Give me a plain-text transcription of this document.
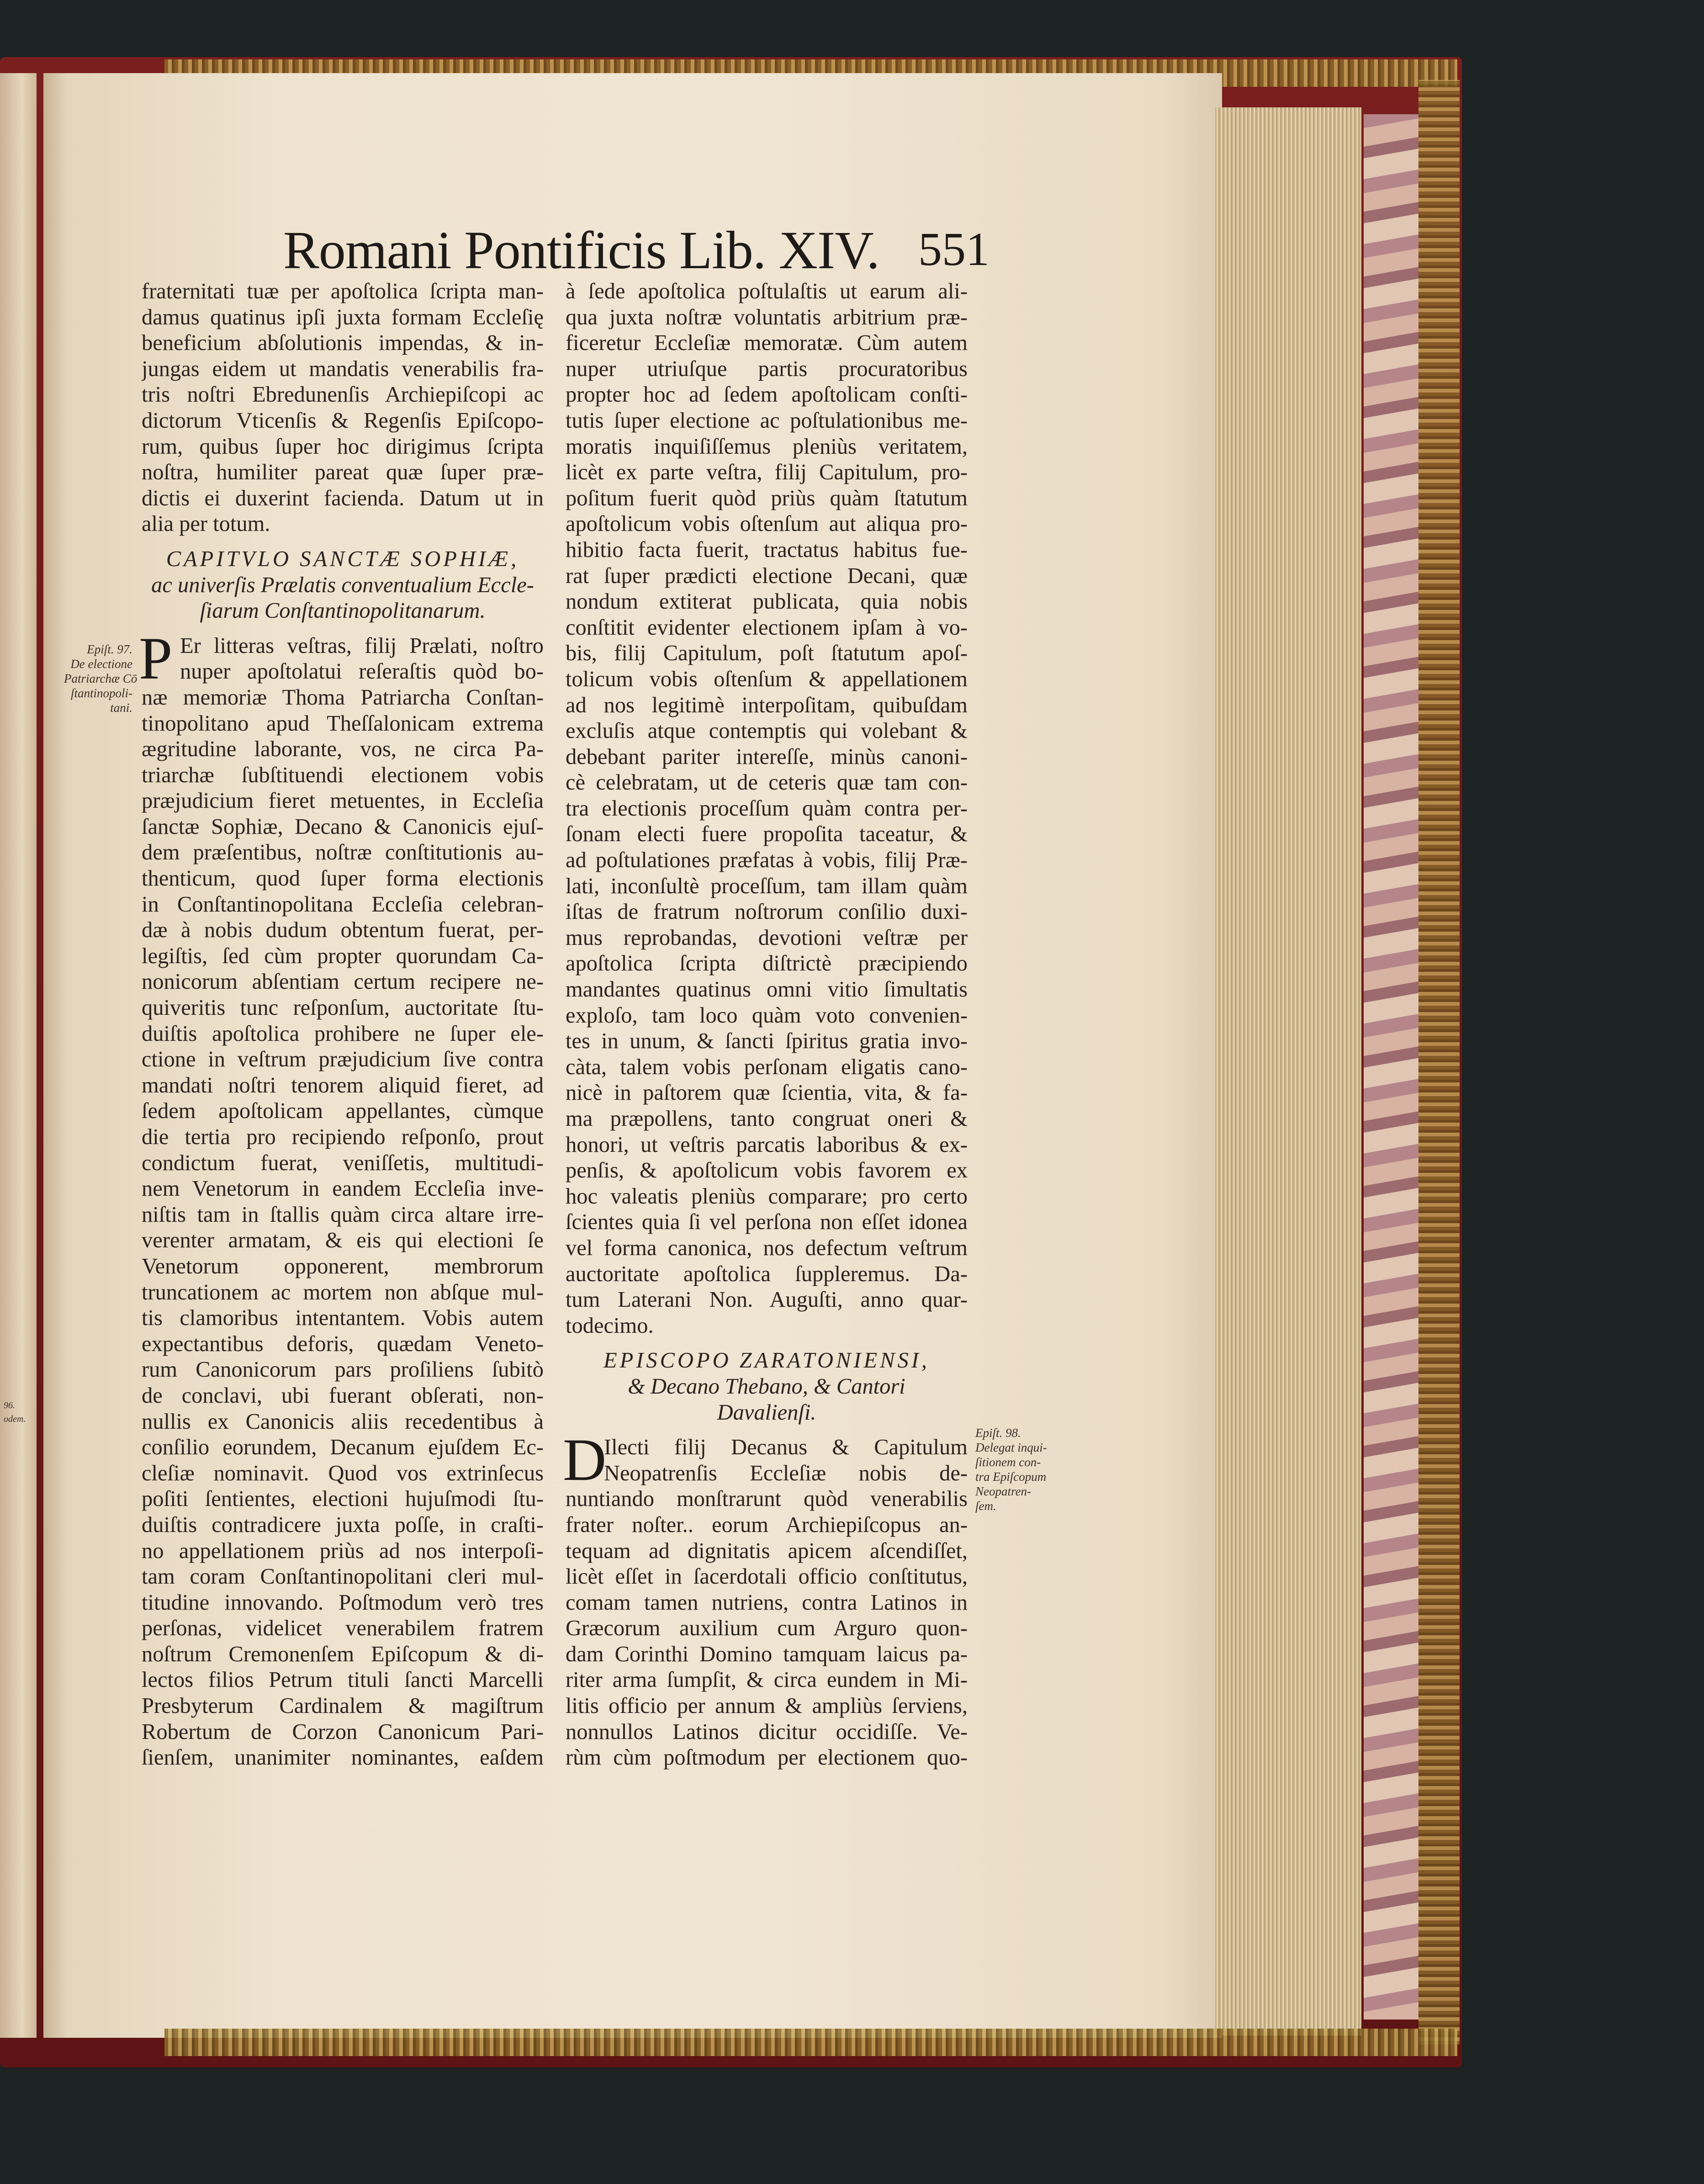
96.
odem.
Romani Pontificis Lib. XIV. 551
fraternitati tuæ per apoſtolica ſcripta man-
damus quatinus ipſi juxta formam Eccleſię
beneficium abſolutionis impendas, & in-
jungas eidem ut mandatis venerabilis fra-
tris noſtri Ebredunenſis Archiepiſcopi ac
dictorum Vticenſis & Regenſis Epiſcopo-
rum, quibus ſuper hoc dirigimus ſcripta
noſtra, humiliter pareat quæ ſuper præ-
dictis ei duxerint facienda. Datum ut in
alia per totum.
CAPITVLO SANCTÆ SOPHIÆ,
ac univerſis Prælatis conventualium Eccle-
ſiarum Conſtantinopolitanarum.
P Er litteras veſtras, filij Prælati, noſtro
nuper apoſtolatui reſeraſtis quòd bo-
næ memoriæ Thoma Patriarcha Conſtan-
tinopolitano apud Theſſalonicam extrema
ægritudine laborante, vos, ne circa Pa-
triarchæ ſubſtituendi electionem vobis
præjudicium fieret metuentes, in Eccleſia
ſanctæ Sophiæ, Decano & Canonicis ejuſ-
dem præſentibus, noſtræ conſtitutionis au-
thenticum, quod ſuper forma electionis
in Conſtantinopolitana Eccleſia celebran-
dæ à nobis dudum obtentum fuerat, per-
legiſtis, ſed cùm propter quorundam Ca-
nonicorum abſentiam certum recipere ne-
quiveritis tunc reſponſum, auctoritate ſtu-
duiſtis apoſtolica prohibere ne ſuper ele-
ctione in veſtrum præjudicium ſive contra
mandati noſtri tenorem aliquid fieret, ad
ſedem apoſtolicam appellantes, cùmque
die tertia pro recipiendo reſponſo, prout
condictum fuerat, veniſſetis, multitudi-
nem Venetorum in eandem Eccleſia inve-
niſtis tam in ſtallis quàm circa altare irre-
verenter armatam, & eis qui electioni ſe
Venetorum opponerent, membrorum
truncationem ac mortem non abſque mul-
tis clamoribus intentantem. Vobis autem
expectantibus deforis, quædam Veneto-
rum Canonicorum pars proſiliens ſubitò
de conclavi, ubi fuerant obſerati, non-
nullis ex Canonicis aliis recedentibus à
conſilio eorundem, Decanum ejuſdem Ec-
cleſiæ nominavit. Quod vos extrinſecus
poſiti ſentientes, electioni hujuſmodi ſtu-
duiſtis contradicere juxta poſſe, in craſti-
no appellationem priùs ad nos interpoſi-
tam coram Conſtantinopolitani cleri mul-
titudine innovando. Poſtmodum verò tres
perſonas, videlicet venerabilem fratrem
noſtrum Cremonenſem Epiſcopum & di-
lectos filios Petrum tituli ſancti Marcelli
Presbyterum Cardinalem & magiſtrum
Robertum de Corzon Canonicum Pari-
ſienſem, unanimiter nominantes, eaſdem
à ſede apoſtolica poſtulaſtis ut earum ali-
qua juxta noſtræ voluntatis arbitrium præ-
ficeretur Eccleſiæ memoratæ. Cùm autem
nuper utriuſque partis procuratoribus
propter hoc ad ſedem apoſtolicam conſti-
tutis ſuper electione ac poſtulationibus me-
moratis inquiſiſſemus pleniùs veritatem,
licèt ex parte veſtra, filij Capitulum, pro-
poſitum fuerit quòd priùs quàm ſtatutum
apoſtolicum vobis oſtenſum aut aliqua pro-
hibitio facta fuerit, tractatus habitus fue-
rat ſuper prædicti electione Decani, quæ
nondum extiterat publicata, quia nobis
conſtitit evidenter electionem ipſam à vo-
bis, filij Capitulum, poſt ſtatutum apoſ-
tolicum vobis oſtenſum & appellationem
ad nos legitimè interpoſitam, quibuſdam
excluſis atque contemptis qui volebant &
debebant pariter intereſſe, minùs canoni-
cè celebratam, ut de ceteris quæ tam con-
tra electionis proceſſum quàm contra per-
ſonam electi fuere propoſita taceatur, &
ad poſtulationes præfatas à vobis, filij Præ-
lati, inconſultè proceſſum, tam illam quàm
iſtas de fratrum noſtrorum conſilio duxi-
mus reprobandas, devotioni veſtræ per
apoſtolica ſcripta diſtrictè præcipiendo
mandantes quatinus omni vitio ſimultatis
exploſo, tam loco quàm voto convenien-
tes in unum, & ſancti ſpiritus gratia invo-
càta, talem vobis perſonam eligatis cano-
nicè in paſtorem quæ ſcientia, vita, & fa-
ma præpollens, tanto congruat oneri &
honori, ut veſtris parcatis laboribus & ex-
penſis, & apoſtolicum vobis favorem ex
hoc valeatis pleniùs comparare; pro certo
ſcientes quia ſi vel perſona non eſſet idonea
vel forma canonica, nos defectum veſtrum
auctoritate apoſtolica ſuppleremus. Da-
tum Laterani Non. Auguſti, anno quar-
todecimo.
EPISCOPO ZARATONIENSI,
& Decano Thebano, & Cantori
Davalienſi.
D
Ilecti filij Decanus & Capitulum
Neopatrenſis Eccleſiæ nobis de-
nuntiando monſtrarunt quòd venerabilis
frater noſter.. eorum Archiepiſcopus an-
tequam ad dignitatis apicem aſcendiſſet,
licèt eſſet in ſacerdotali officio conſtitutus,
comam tamen nutriens, contra Latinos in
Græcorum auxilium cum Arguro quon-
dam Corinthi Domino tamquam laicus pa-
riter arma ſumpſit, & circa eundem in Mi-
litis officio per annum & ampliùs ſerviens,
nonnullos Latinos dicitur occidiſſe. Ve-
rùm cùm poſtmodum per electionem quo-
Epiſt. 97.
De electione
Patriarchæ Cō
ſtantinopoli-
tani.
Epiſt. 98.
Delegat inqui-
ſitionem con-
tra Epiſcopum
Neopatren-
ſem.
